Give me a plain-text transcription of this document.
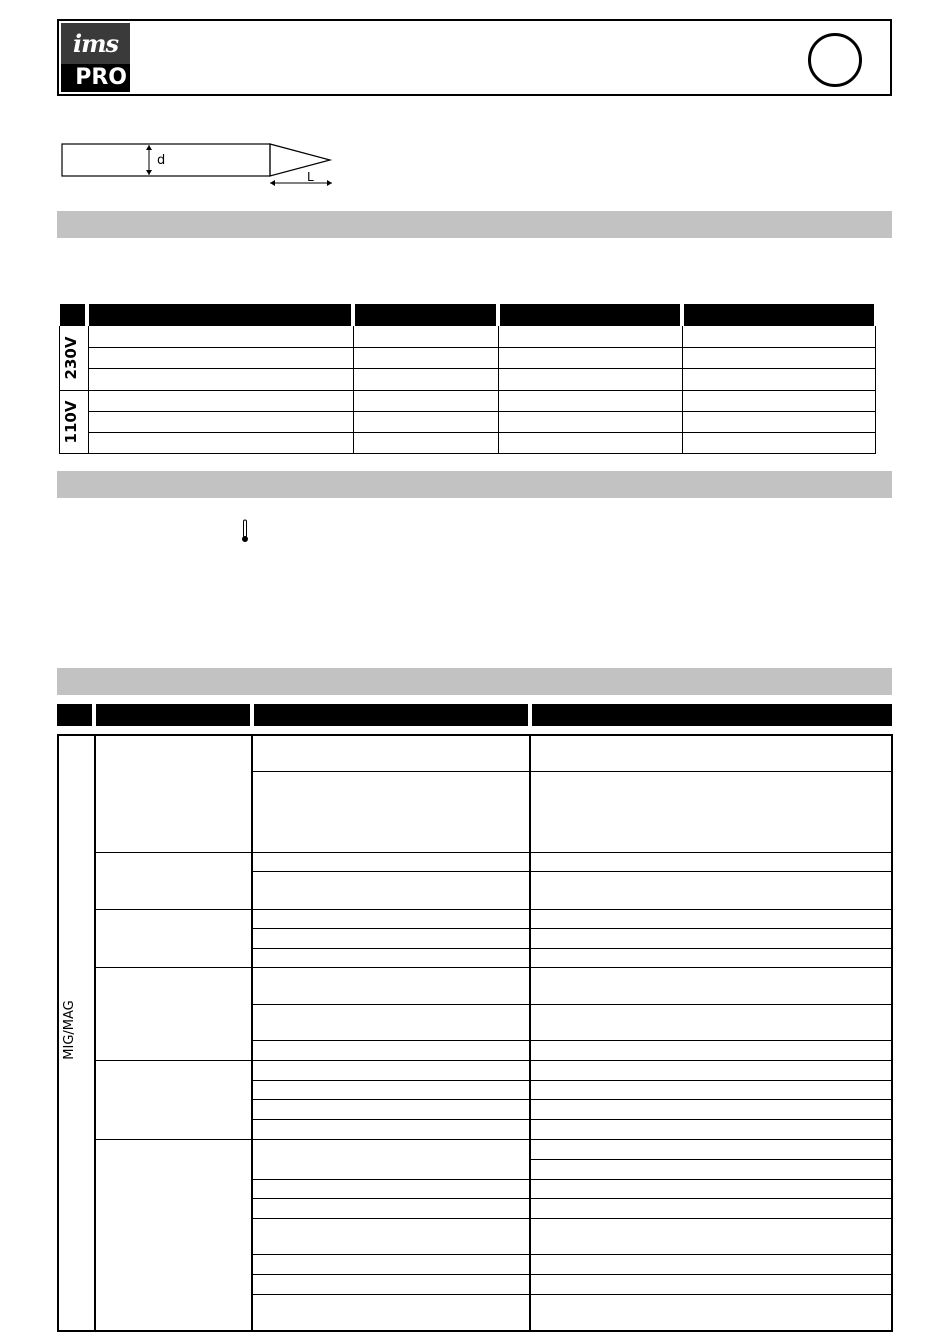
ims
PRO
d
L
230V
110V
MIG/MAG
